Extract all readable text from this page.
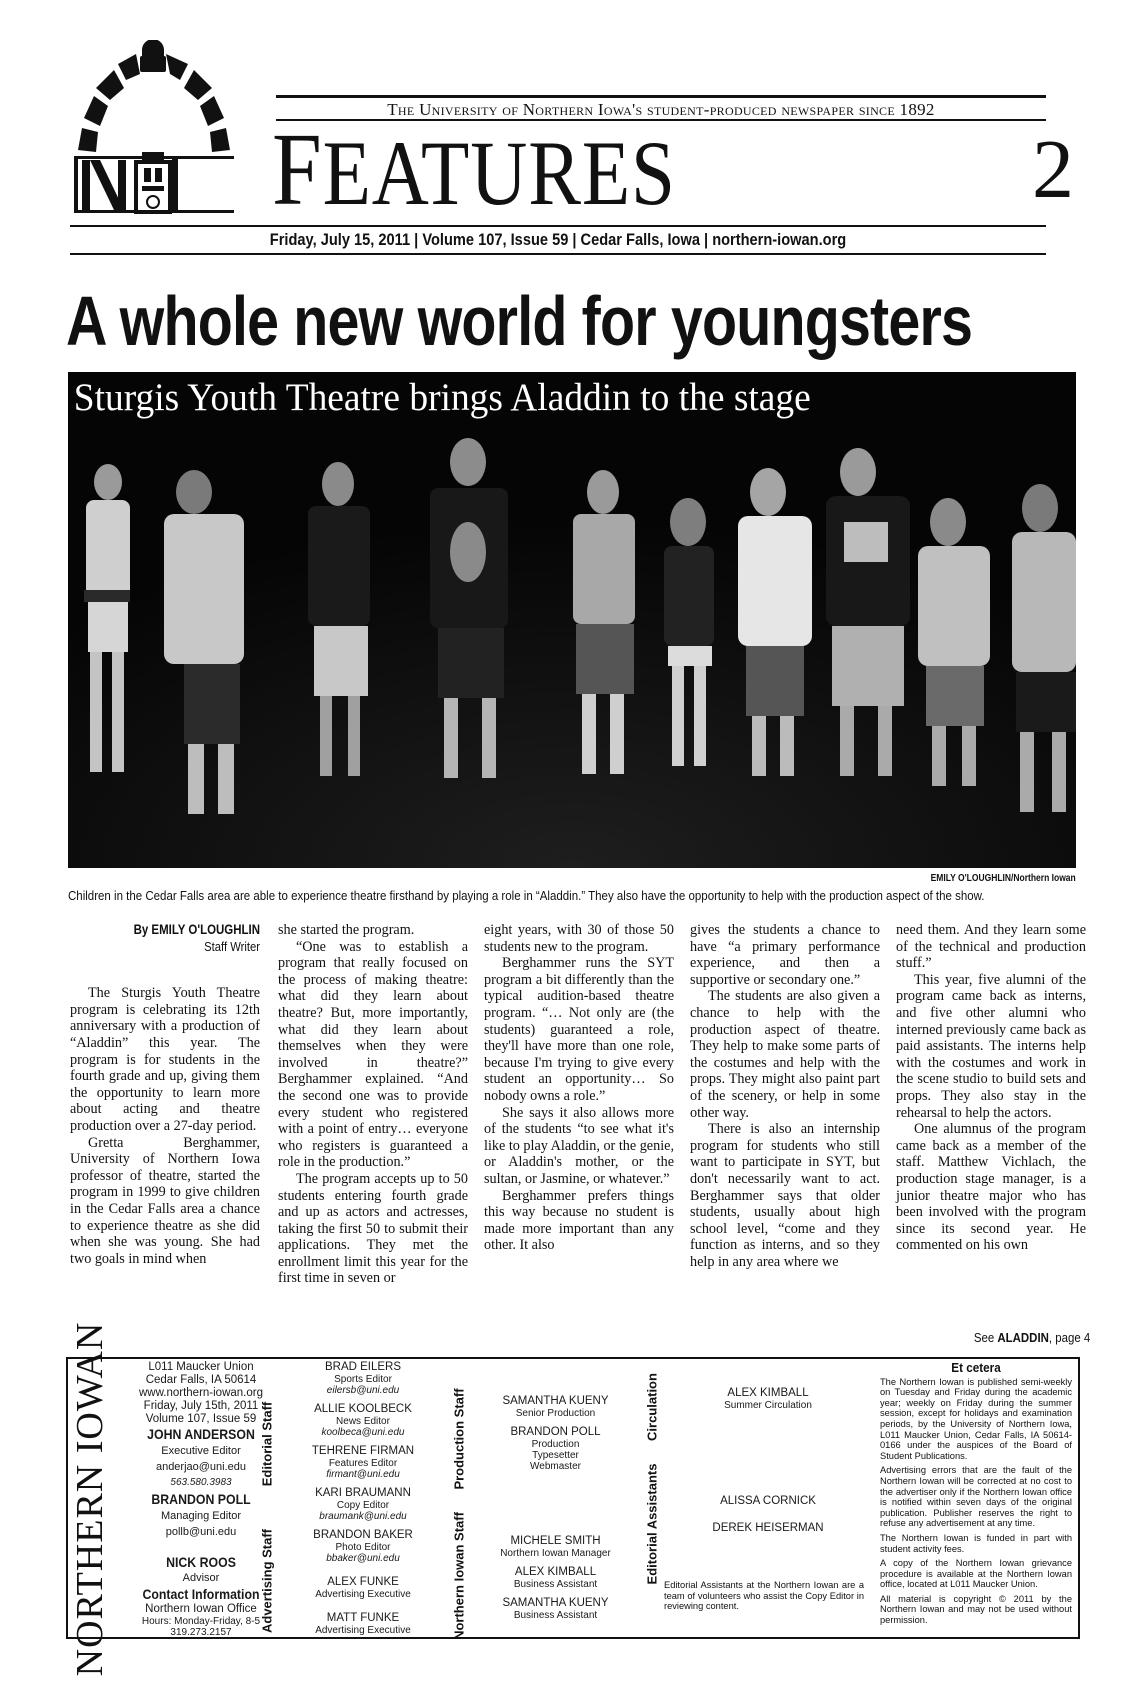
The University of Northern Iowa's student-produced newspaper since 1892
FEATURES	2
Friday, July 15, 2011 | Volume 107, Issue 59 | Cedar Falls, Iowa | northern-iowan.org
A whole new world for youngsters
Sturgis Youth Theatre brings Aladdin to the stage
EMILY O'LOUGHLIN/Northern Iowan
Children in the Cedar Falls area are able to experience theatre firsthand by playing a role in “Aladdin.” They also have the opportunity to help with the production aspect of the show.
By EMILY O'LOUGHLIN
Staff Writer

The Sturgis Youth Theatre program is celebrating its 12th anniversary with a production of “Aladdin” this year. The program is for students in the fourth grade and up, giving them the opportunity to learn more about acting and theatre production over a 27-day period.

Gretta Berghammer, University of Northern Iowa professor of theatre, started the program in 1999 to give children in the Cedar Falls area a chance to experience theatre as she did when she was young. She had two goals in mind when

she started the program.

“One was to establish a program that really focused on the process of making theatre: what did they learn about theatre? But, more importantly, what did they learn about themselves when they were involved in theatre?” Berghammer explained. “And the second one was to provide every student who registered with a point of entry… everyone who registers is guaranteed a role in the production.”

The program accepts up to 50 students entering fourth grade and up as actors and actresses, taking the first 50 to submit their applications. They met the enrollment limit this year for the first time in seven or

eight years, with 30 of those 50 students new to the program.

Berghammer runs the SYT program a bit differently than the typical audition-based theatre program. “… Not only are (the students) guaranteed a role, they'll have more than one role, because I'm trying to give every student an opportunity… So nobody owns a role.”

She says it also allows more of the students “to see what it's like to play Aladdin, or the genie, or Aladdin's mother, or the sultan, or Jasmine, or whatever.”

Berghammer prefers things this way because no student is made more important than any other. It also

gives the students a chance to have “a primary performance experience, and then a supportive or secondary one.”

The students are also given a chance to help with the production aspect of theatre. They help to make some parts of the costumes and help with the props. They might also paint part of the scenery, or help in some other way.

There is also an internship program for students who still want to participate in SYT, but don't necessarily want to act. Berghammer says that older students, usually about high school level, “come and they function as interns, and so they help in any area where we

need them. And they learn some of the technical and production stuff.”

This year, five alumni of the program came back as interns, and five other alumni who interned previously came back as paid assistants. The interns help with the costumes and work in the scene studio to build sets and props. They also stay in the rehearsal to help the actors.

One alumnus of the program came back as a member of the staff. Matthew Vichlach, the production stage manager, is a junior theatre major who has been involved with the program since its second year. He commented on his own

See ALADDIN, page 4
NORTHERN IOWAN	L011 Maucker Union
Cedar Falls, IA 50614
www.northern-iowan.org
Friday, July 15th, 2011
Volume 107, Issue 59
JOHN ANDERSON
Executive Editor
anderjao@uni.edu
563.580.3983
BRANDON POLL
Managing Editor
pollb@uni.edu
NICK ROOS
Advisor
Contact Information
Northern Iowan Office
Hours: Monday-Friday, 8-5
319.273.2157
Editorial Staff
Advertising Staff
Production Staff
Northern Iowan Staff
Circulation
Editorial Assistants
BRAD EILERS
Sports Editor
eilersb@uni.edu
ALLIE KOOLBECK
News Editor
koolbeca@uni.edu
TEHRENE FIRMAN
Features Editor
firmant@uni.edu
KARI BRAUMANN
Copy Editor
braumank@uni.edu
BRANDON BAKER
Photo Editor
bbaker@uni.edu
ALEX FUNKE
Advertising Executive
MATT FUNKE
Advertising Executive
SAMANTHA KUENY
Senior Production
BRANDON POLL
Production
Typesetter
Webmaster
MICHELE SMITH
Northern Iowan Manager
ALEX KIMBALL
Business Assistant
SAMANTHA KUENY
Business Assistant
ALEX KIMBALL
Summer Circulation
ALISSA CORNICK
DEREK HEISERMAN
Editorial Assistants at the Northern Iowan are a team of volunteers who assist the Copy Editor in reviewing content.
Et cetera

The Northern Iowan is published semi-weekly on Tuesday and Friday during the academic year; weekly on Friday during the summer session, except for holidays and examination periods, by the University of Northern Iowa, L011 Maucker Union, Cedar Falls, IA 50614-0166 under the auspices of the Board of Student Publications.

Advertising errors that are the fault of the Northern Iowan will be corrected at no cost to the advertiser only if the Northern Iowan office is notified within seven days of the original publication. Publisher reserves the right to refuse any advertisement at any time.

The Northern Iowan is funded in part with student activity fees.

A copy of the Northern Iowan grievance procedure is available at the Northern Iowan office, located at L011 Maucker Union.

All material is copyright © 2011 by the Northern Iowan and may not be used without permission.
